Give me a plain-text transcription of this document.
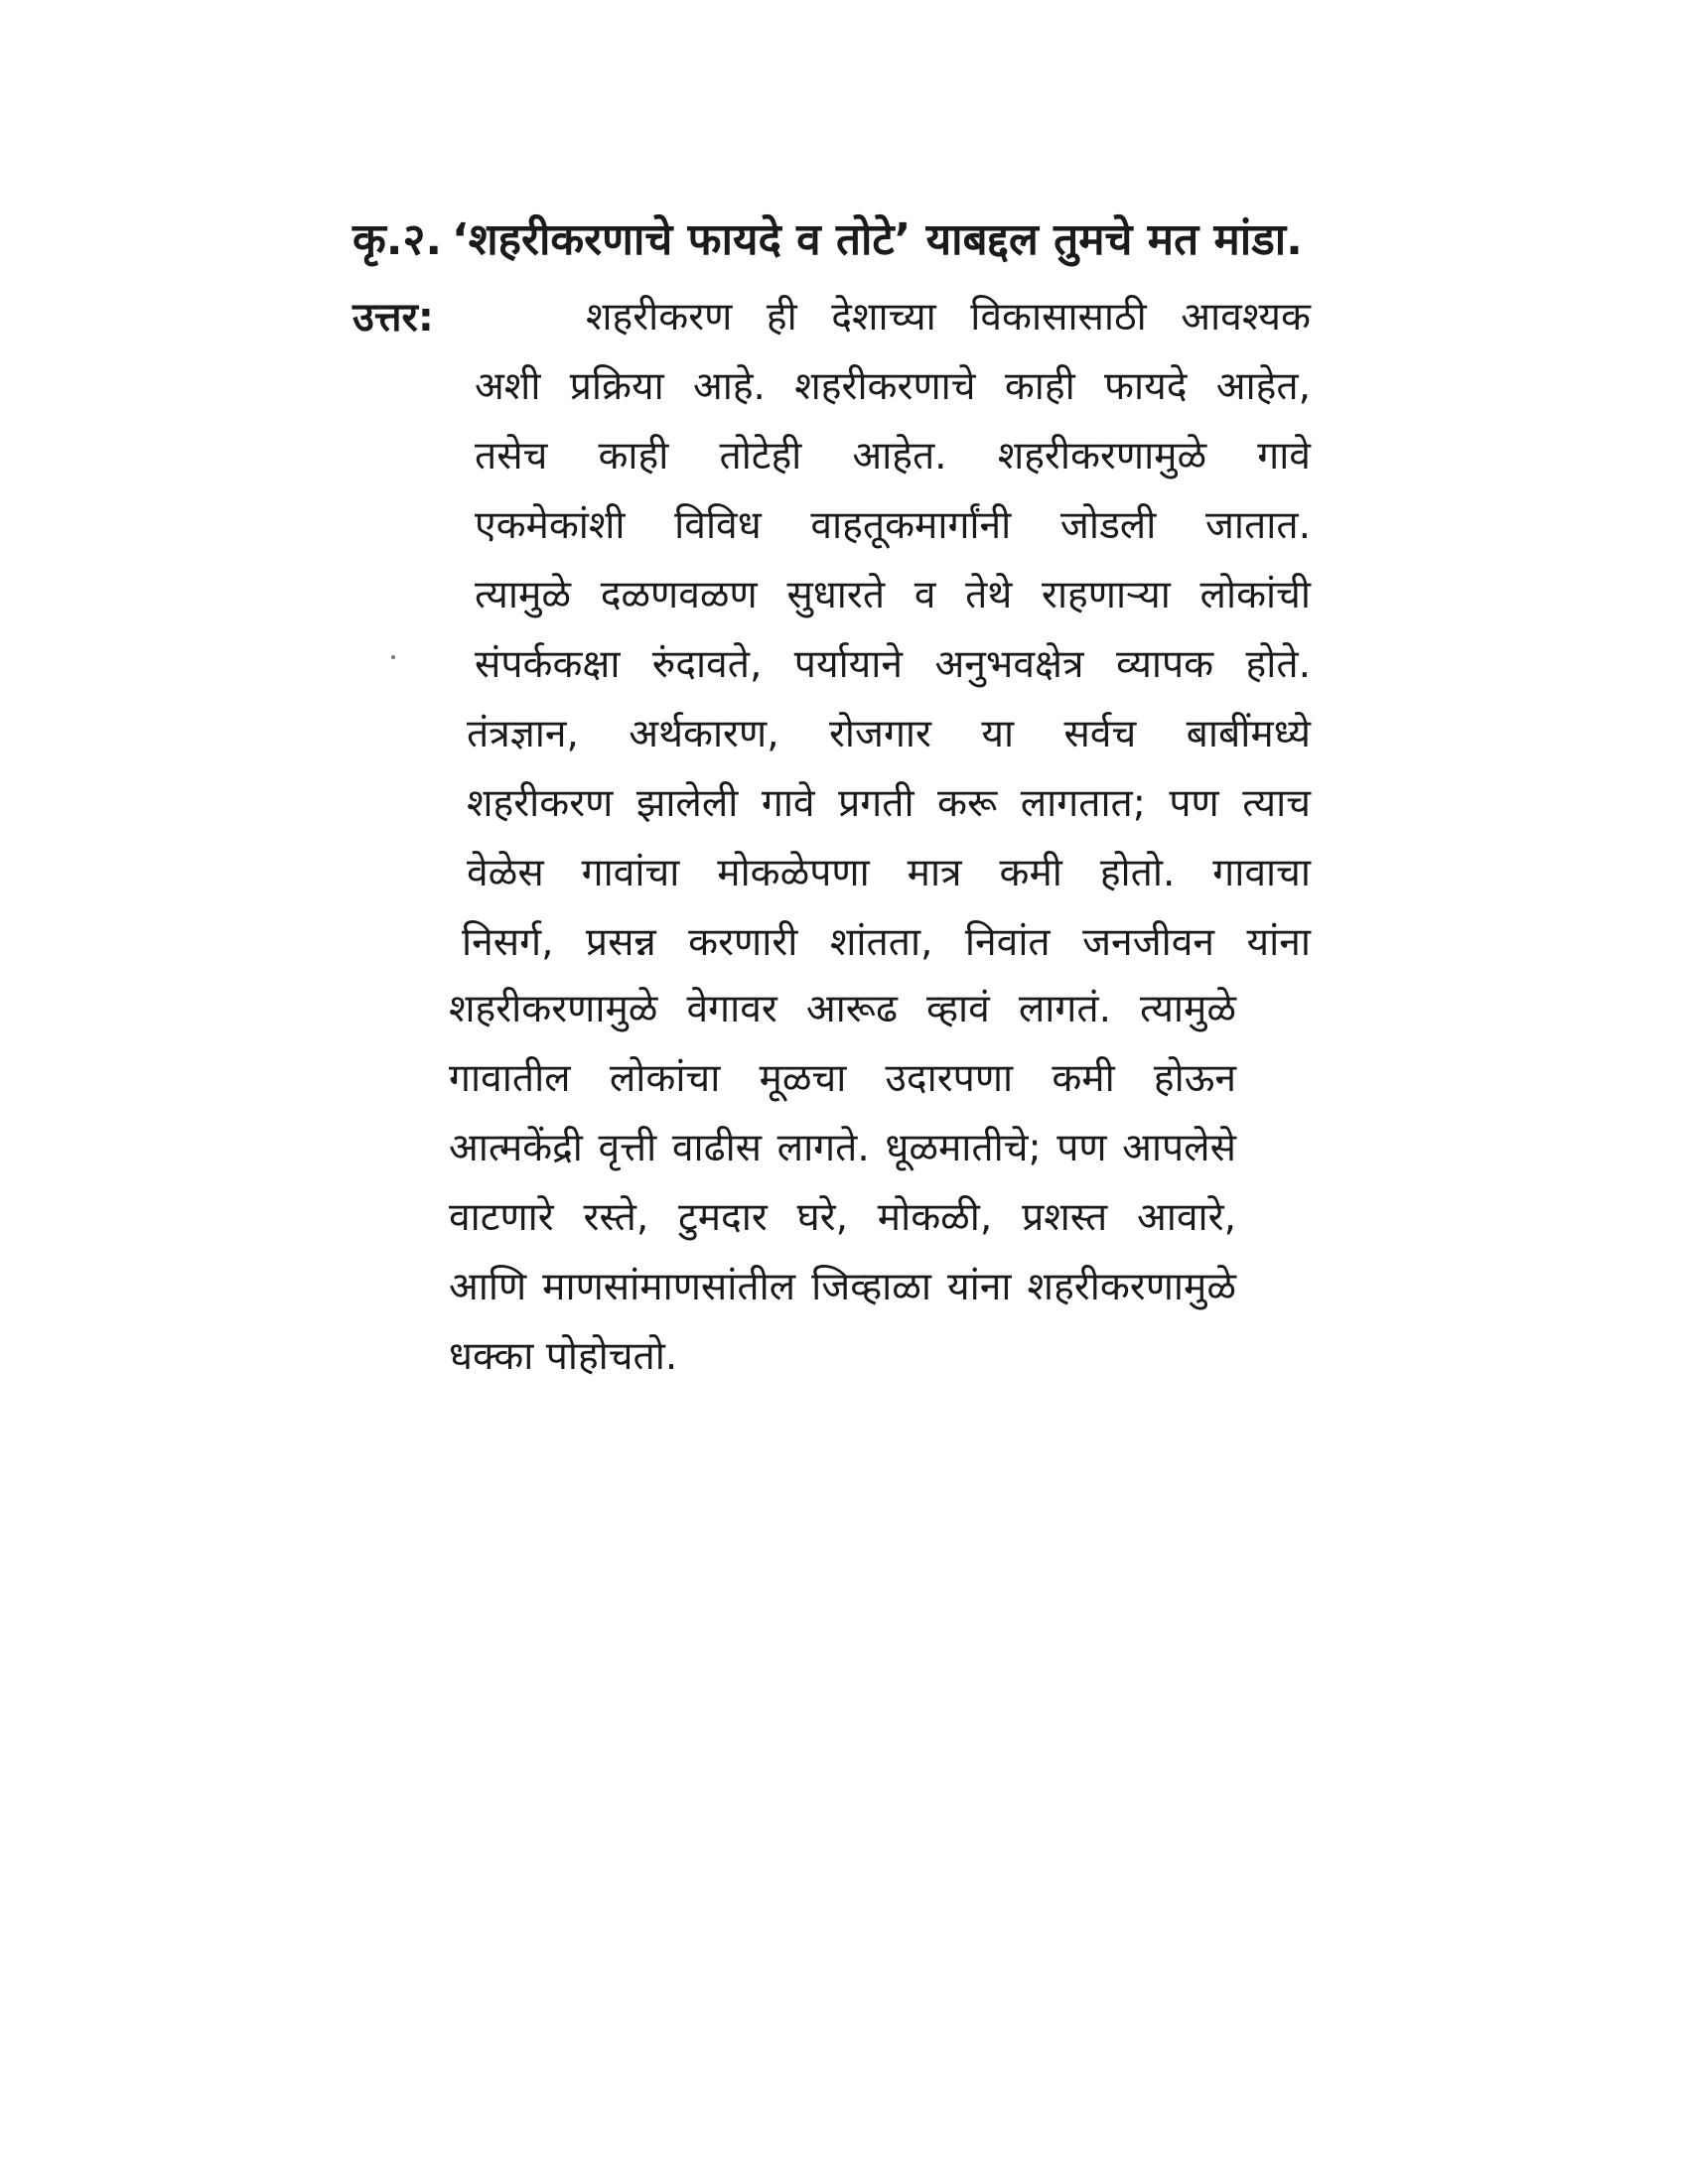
कृ.२. ‘शहरीकरणाचे फायदे व तोटे’ याबद्दल तुमचे मत मांडा.
उत्तर:	शहरीकरण ही देशाच्या विकासासाठी आवश्यक
अशी प्रक्रिया आहे. शहरीकरणाचे काही फायदे आहेत,
तसेच काही तोटेही आहेत. शहरीकरणामुळे गावे
एकमेकांशी विविध वाहतूकमार्गांनी जोडली जातात.
त्यामुळे दळणवळण सुधारते व तेथे राहणाऱ्या लोकांची
संपर्ककक्षा रुंदावते, पर्यायाने अनुभवक्षेत्र व्यापक होते.
तंत्रज्ञान, अर्थकारण, रोजगार या सर्वच बाबींमध्ये
शहरीकरण झालेली गावे प्रगती करू लागतात; पण त्याच
वेळेस गावांचा मोकळेपणा मात्र कमी होतो. गावाचा
निसर्ग, प्रसन्न करणारी शांतता, निवांत जनजीवन यांना
शहरीकरणामुळे वेगावर आरूढ व्हावं लागतं. त्यामुळे
गावातील लोकांचा मूळचा उदारपणा कमी होऊन
आत्मकेंद्री वृत्ती वाढीस लागते. धूळमातीचे; पण आपलेसे
वाटणारे रस्ते, टुमदार घरे, मोकळी, प्रशस्त आवारे,
आणि माणसांमाणसांतील जिव्हाळा यांना शहरीकरणामुळे
धक्का पोहोचतो.
